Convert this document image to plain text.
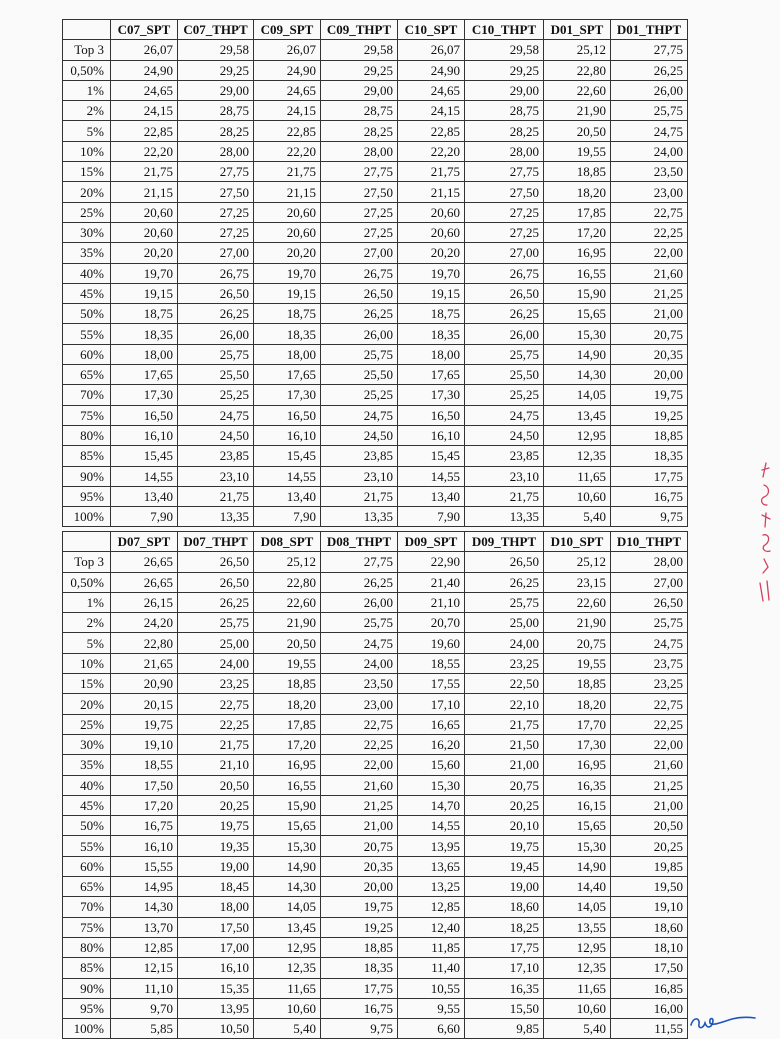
	C07_SPT	C07_THPT	C09_SPT	C09_THPT	C10_SPT	C10_THPT	D01_SPT	D01_THPT
Top 3	26,07	29,58	26,07	29,58	26,07	29,58	25,12	27,75
0,50%	24,90	29,25	24,90	29,25	24,90	29,25	22,80	26,25
1%	24,65	29,00	24,65	29,00	24,65	29,00	22,60	26,00
2%	24,15	28,75	24,15	28,75	24,15	28,75	21,90	25,75
5%	22,85	28,25	22,85	28,25	22,85	28,25	20,50	24,75
10%	22,20	28,00	22,20	28,00	22,20	28,00	19,55	24,00
15%	21,75	27,75	21,75	27,75	21,75	27,75	18,85	23,50
20%	21,15	27,50	21,15	27,50	21,15	27,50	18,20	23,00
25%	20,60	27,25	20,60	27,25	20,60	27,25	17,85	22,75
30%	20,60	27,25	20,60	27,25	20,60	27,25	17,20	22,25
35%	20,20	27,00	20,20	27,00	20,20	27,00	16,95	22,00
40%	19,70	26,75	19,70	26,75	19,70	26,75	16,55	21,60
45%	19,15	26,50	19,15	26,50	19,15	26,50	15,90	21,25
50%	18,75	26,25	18,75	26,25	18,75	26,25	15,65	21,00
55%	18,35	26,00	18,35	26,00	18,35	26,00	15,30	20,75
60%	18,00	25,75	18,00	25,75	18,00	25,75	14,90	20,35
65%	17,65	25,50	17,65	25,50	17,65	25,50	14,30	20,00
70%	17,30	25,25	17,30	25,25	17,30	25,25	14,05	19,75
75%	16,50	24,75	16,50	24,75	16,50	24,75	13,45	19,25
80%	16,10	24,50	16,10	24,50	16,10	24,50	12,95	18,85
85%	15,45	23,85	15,45	23,85	15,45	23,85	12,35	18,35
90%	14,55	23,10	14,55	23,10	14,55	23,10	11,65	17,75
95%	13,40	21,75	13,40	21,75	13,40	21,75	10,60	16,75
100%	7,90	13,35	7,90	13,35	7,90	13,35	5,40	9,75
	D07_SPT	D07_THPT	D08_SPT	D08_THPT	D09_SPT	D09_THPT	D10_SPT	D10_THPT
Top 3	26,65	26,50	25,12	27,75	22,90	26,50	25,12	28,00
0,50%	26,65	26,50	22,80	26,25	21,40	26,25	23,15	27,00
1%	26,15	26,25	22,60	26,00	21,10	25,75	22,60	26,50
2%	24,20	25,75	21,90	25,75	20,70	25,00	21,90	25,75
5%	22,80	25,00	20,50	24,75	19,60	24,00	20,75	24,75
10%	21,65	24,00	19,55	24,00	18,55	23,25	19,55	23,75
15%	20,90	23,25	18,85	23,50	17,55	22,50	18,85	23,25
20%	20,15	22,75	18,20	23,00	17,10	22,10	18,20	22,75
25%	19,75	22,25	17,85	22,75	16,65	21,75	17,70	22,25
30%	19,10	21,75	17,20	22,25	16,20	21,50	17,30	22,00
35%	18,55	21,10	16,95	22,00	15,60	21,00	16,95	21,60
40%	17,50	20,50	16,55	21,60	15,30	20,75	16,35	21,25
45%	17,20	20,25	15,90	21,25	14,70	20,25	16,15	21,00
50%	16,75	19,75	15,65	21,00	14,55	20,10	15,65	20,50
55%	16,10	19,35	15,30	20,75	13,95	19,75	15,30	20,25
60%	15,55	19,00	14,90	20,35	13,65	19,45	14,90	19,85
65%	14,95	18,45	14,30	20,00	13,25	19,00	14,40	19,50
70%	14,30	18,00	14,05	19,75	12,85	18,60	14,05	19,10
75%	13,70	17,50	13,45	19,25	12,40	18,25	13,55	18,60
80%	12,85	17,00	12,95	18,85	11,85	17,75	12,95	18,10
85%	12,15	16,10	12,35	18,35	11,40	17,10	12,35	17,50
90%	11,10	15,35	11,65	17,75	10,55	16,35	11,65	16,85
95%	9,70	13,95	10,60	16,75	9,55	15,50	10,60	16,00
100%	5,85	10,50	5,40	9,75	6,60	9,85	5,40	11,55
